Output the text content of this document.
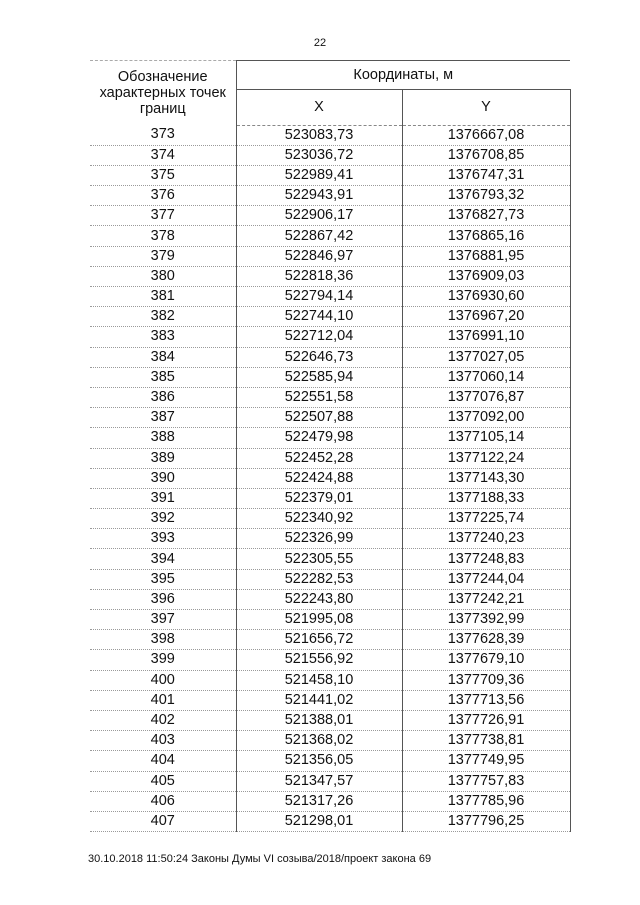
22
Обозначение характерных точек границ	Координаты, м	
	X	Y
373	523083,73	1376667,08
374	523036,72	1376708,85
375	522989,41	1376747,31
376	522943,91	1376793,32
377	522906,17	1376827,73
378	522867,42	1376865,16
379	522846,97	1376881,95
380	522818,36	1376909,03
381	522794,14	1376930,60
382	522744,10	1376967,20
383	522712,04	1376991,10
384	522646,73	1377027,05
385	522585,94	1377060,14
386	522551,58	1377076,87
387	522507,88	1377092,00
388	522479,98	1377105,14
389	522452,28	1377122,24
390	522424,88	1377143,30
391	522379,01	1377188,33
392	522340,92	1377225,74
393	522326,99	1377240,23
394	522305,55	1377248,83
395	522282,53	1377244,04
396	522243,80	1377242,21
397	521995,08	1377392,99
398	521656,72	1377628,39
399	521556,92	1377679,10
400	521458,10	1377709,36
401	521441,02	1377713,56
402	521388,01	1377726,91
403	521368,02	1377738,81
404	521356,05	1377749,95
405	521347,57	1377757,83
406	521317,26	1377785,96
407	521298,01	1377796,25
30.10.2018 11:50:24 Законы Думы VI созыва/2018/проект закона 69
